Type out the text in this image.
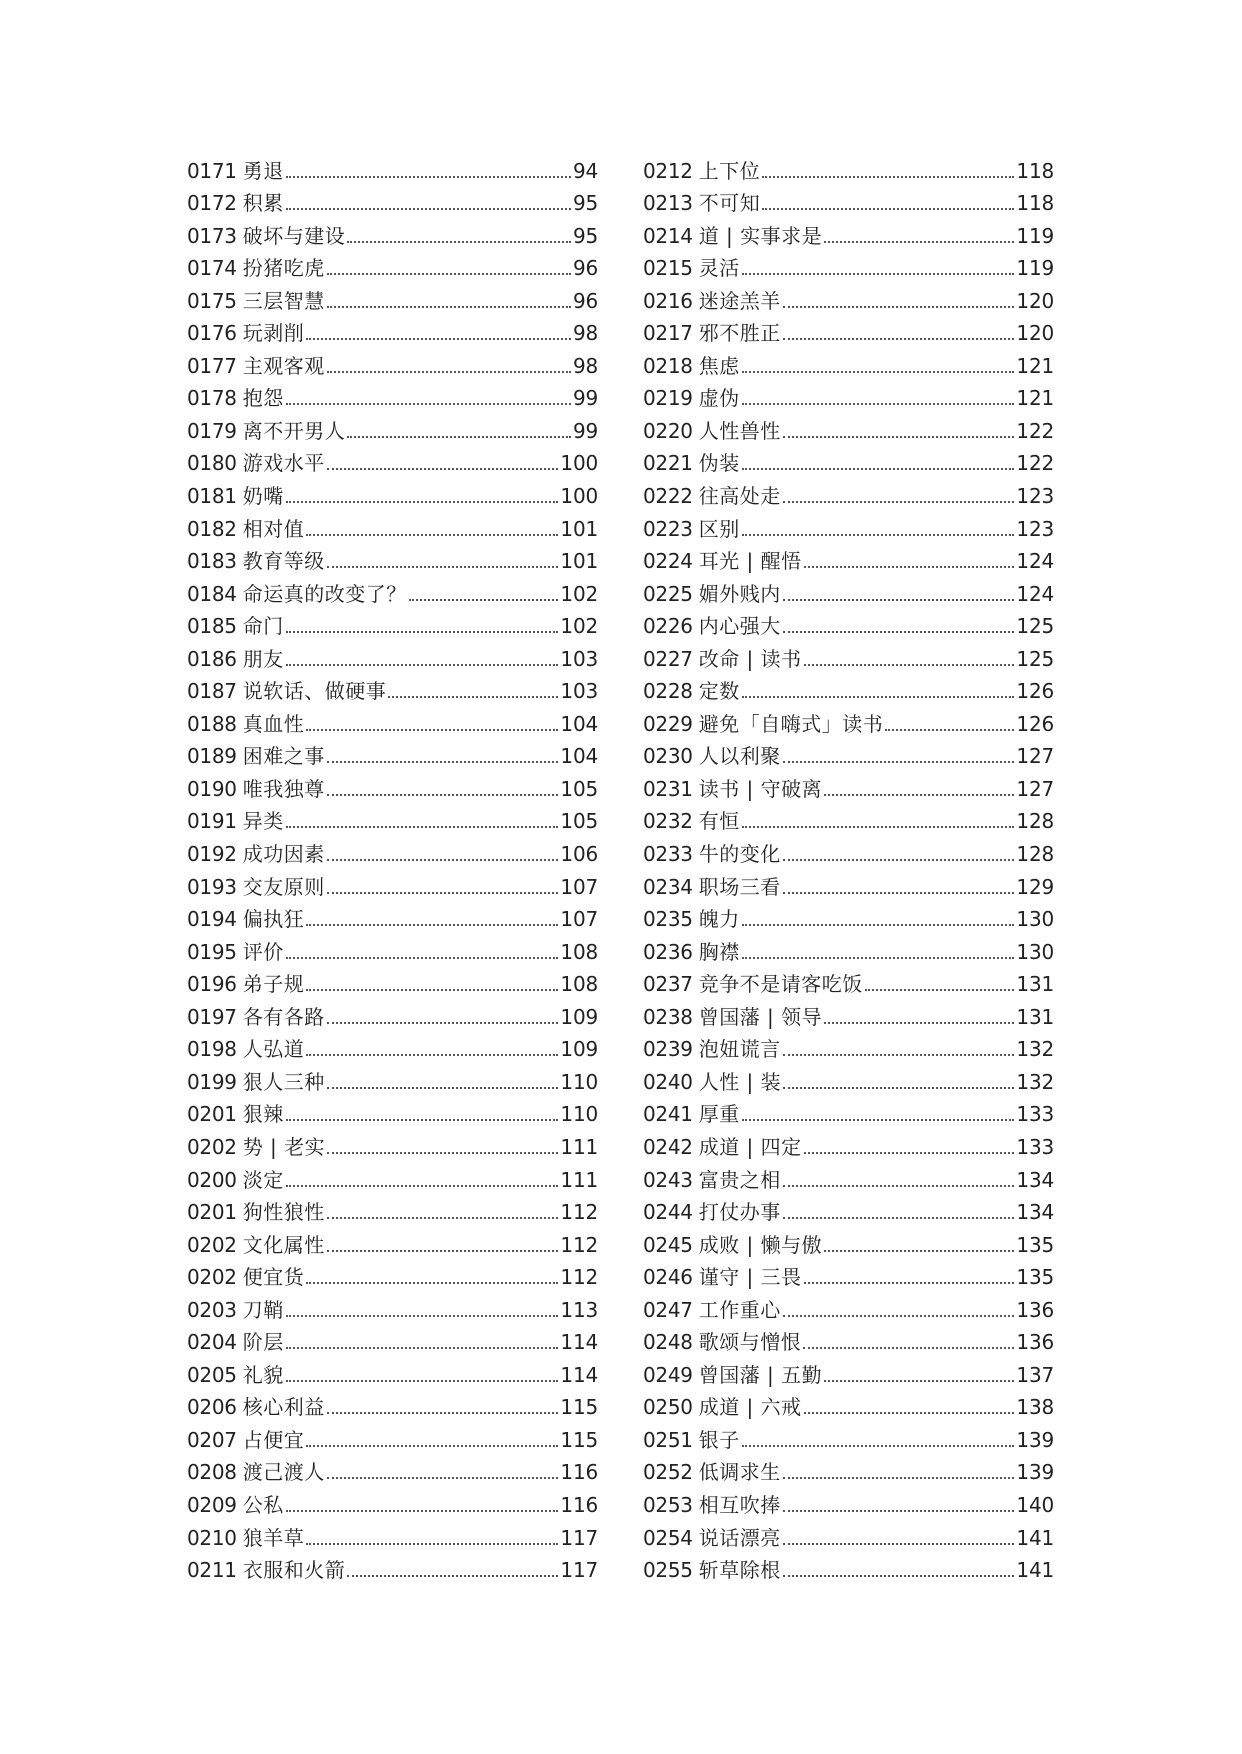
0171 勇退	94
0172 积累	95
0173 破坏与建设	95
0174 扮猪吃虎	96
0175 三层智慧	96
0176 玩剥削	98
0177 主观客观	98
0178 抱怨	99
0179 离不开男人	99
0180 游戏水平	100
0181 奶嘴	100
0182 相对值	101
0183 教育等级	101
0184 命运真的改变了？	102
0185 命门	102
0186 朋友	103
0187 说软话、做硬事	103
0188 真血性	104
0189 困难之事	104
0190 唯我独尊	105
0191 异类	105
0192 成功因素	106
0193 交友原则	107
0194 偏执狂	107
0195 评价	108
0196 弟子规	108
0197 各有各路	109
0198 人弘道	109
0199 狠人三种	110
0201 狠辣	110
0202 势 | 老实	111
0200 淡定	111
0201 狗性狼性	112
0202 文化属性	112
0202 便宜货	112
0203 刀鞘	113
0204 阶层	114
0205 礼貌	114
0206 核心利益	115
0207 占便宜	115
0208 渡己渡人	116
0209 公私	116
0210 狼羊草	117
0211 衣服和火箭	117
0212 上下位	118
0213 不可知	118
0214 道 | 实事求是	119
0215 灵活	119
0216 迷途羔羊	120
0217 邪不胜正	120
0218 焦虑	121
0219 虚伪	121
0220 人性兽性	122
0221 伪装	122
0222 往高处走	123
0223 区别	123
0224 耳光 | 醒悟	124
0225 媚外贱内	124
0226 内心强大	125
0227 改命 | 读书	125
0228 定数	126
0229 避免「自嗨式」读书	126
0230 人以利聚	127
0231 读书 | 守破离	127
0232 有恒	128
0233 牛的变化	128
0234 职场三看	129
0235 魄力	130
0236 胸襟	130
0237 竞争不是请客吃饭	131
0238 曾国藩 | 领导	131
0239 泡妞谎言	132
0240 人性 | 装	132
0241 厚重	133
0242 成道 | 四定	133
0243 富贵之相	134
0244 打仗办事	134
0245 成败 | 懒与傲	135
0246 谨守 | 三畏	135
0247 工作重心	136
0248 歌颂与憎恨	136
0249 曾国藩 | 五勤	137
0250 成道 | 六戒	138
0251 银子	139
0252 低调求生	139
0253 相互吹捧	140
0254 说话漂亮	141
0255 斩草除根	141
